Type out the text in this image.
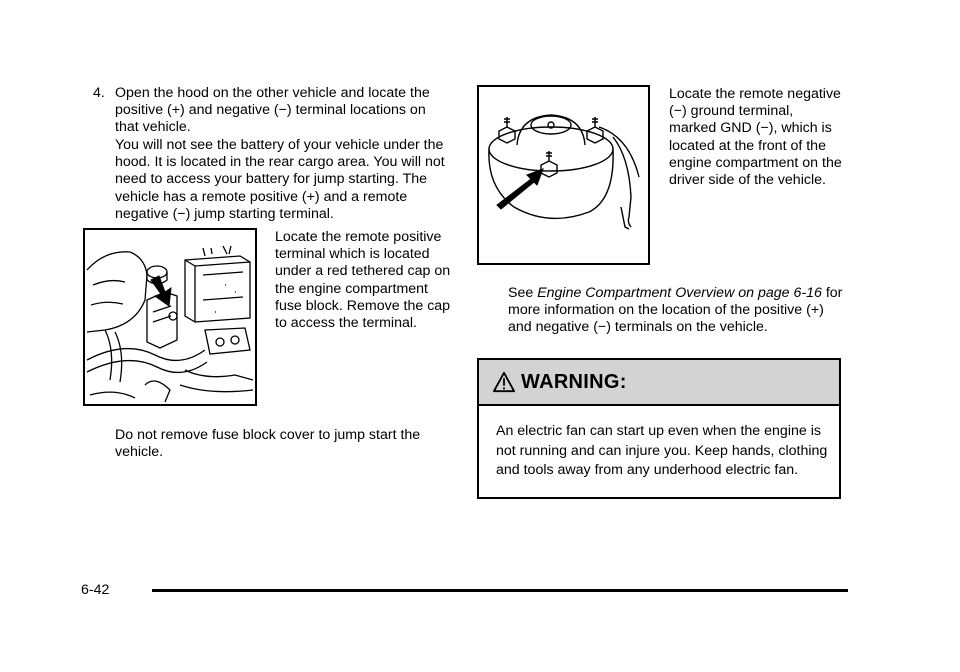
4. Open the hood on the other vehicle and locate the positive (+) and negative (−) terminal locations on that vehicle.
You will not see the battery of your vehicle under the hood. It is located in the rear cargo area. You will not need to access your battery for jump starting. The vehicle has a remote positive (+) and a remote negative (−) jump starting terminal.
Locate the remote positive terminal which is located under a red tethered cap on the engine compartment fuse block. Remove the cap to access the terminal.
Do not remove fuse block cover to jump start the vehicle.
Locate the remote negative (−) ground terminal, marked GND (−), which is located at the front of the engine compartment on the driver side of the vehicle.
See Engine Compartment Overview on page 6-16 for more information on the location of the positive (+) and negative (−) terminals on the vehicle.
WARNING:
An electric fan can start up even when the engine is not running and can injure you. Keep hands, clothing and tools away from any underhood electric fan.
6-42
